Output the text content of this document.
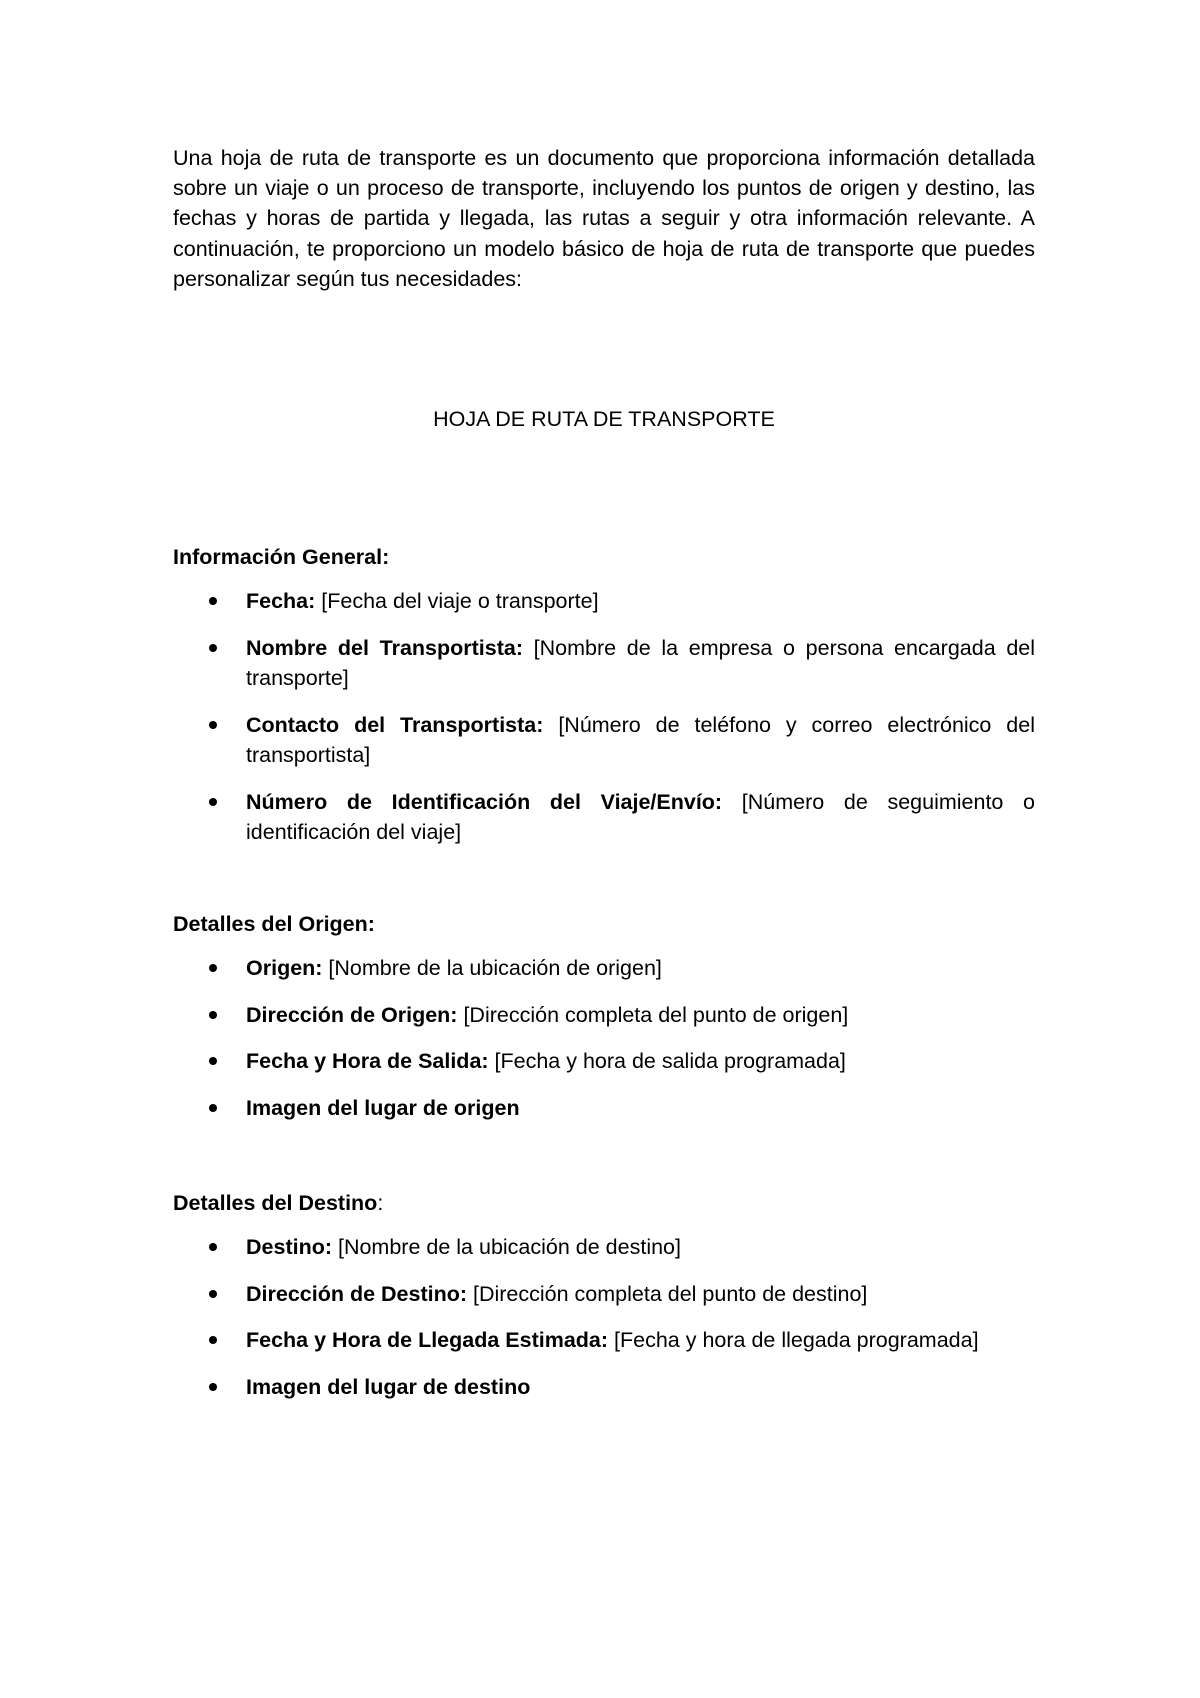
Una hoja de ruta de transporte es un documento que proporciona información detallada sobre un viaje o un proceso de transporte, incluyendo los puntos de origen y destino, las fechas y horas de partida y llegada, las rutas a seguir y otra información relevante. A continuación, te proporciono un modelo básico de hoja de ruta de transporte que puedes personalizar según tus necesidades:

HOJA DE RUTA DE TRANSPORTE
Información General:
Fecha: [Fecha del viaje o transporte]
Nombre del Transportista: [Nombre de la empresa o persona encargada del transporte]
Contacto del Transportista: [Número de teléfono y correo electrónico del transportista]
Número de Identificación del Viaje/Envío: [Número de seguimiento o identificación del viaje]
Detalles del Origen:
Origen: [Nombre de la ubicación de origen]
Dirección de Origen: [Dirección completa del punto de origen]
Fecha y Hora de Salida: [Fecha y hora de salida programada]
Imagen del lugar de origen
Detalles del Destino:
Destino: [Nombre de la ubicación de destino]
Dirección de Destino: [Dirección completa del punto de destino]
Fecha y Hora de Llegada Estimada: [Fecha y hora de llegada programada]
Imagen del lugar de destino
